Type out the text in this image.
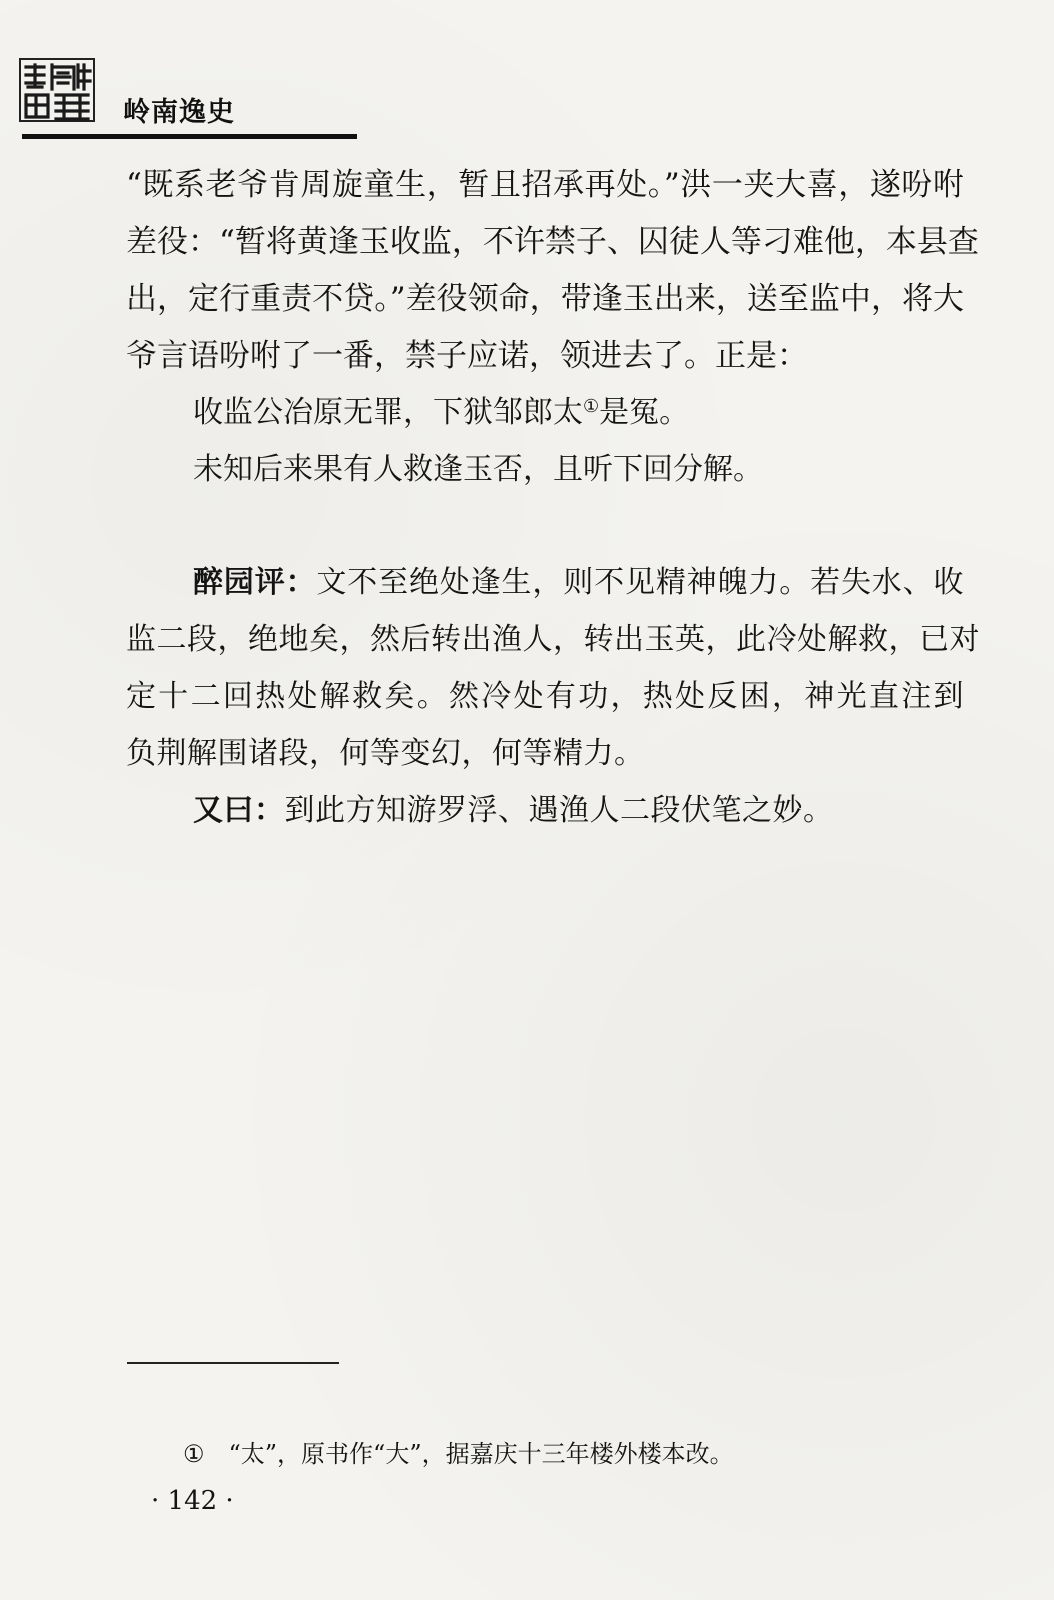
岭南逸史
“既系老爷肯周旋童生，暂且招承再处。”洪一夹大喜，遂吩咐
差役：“暂将黄逢玉收监，不许禁子、囚徒人等刁难他，本县查
出，定行重责不贷。”差役领命，带逢玉出来，送至监中，将大
爷言语吩咐了一番，禁子应诺，领进去了。正是：
收监公冶原无罪，下狱邹郎太①是冤。
未知后来果有人救逢玉否，且听下回分解。
醉园评：文不至绝处逢生，则不见精神魄力。若失水、收
监二段，绝地矣，然后转出渔人，转出玉英，此冷处解救，已对
定十二回热处解救矣。然冷处有功，热处反困，神光直注到
负荆解围诸段，何等变幻，何等精力。
又曰：到此方知游罗浮、遇渔人二段伏笔之妙。
① “太”，原书作“大”，据嘉庆十三年楼外楼本改。
· 142 ·
